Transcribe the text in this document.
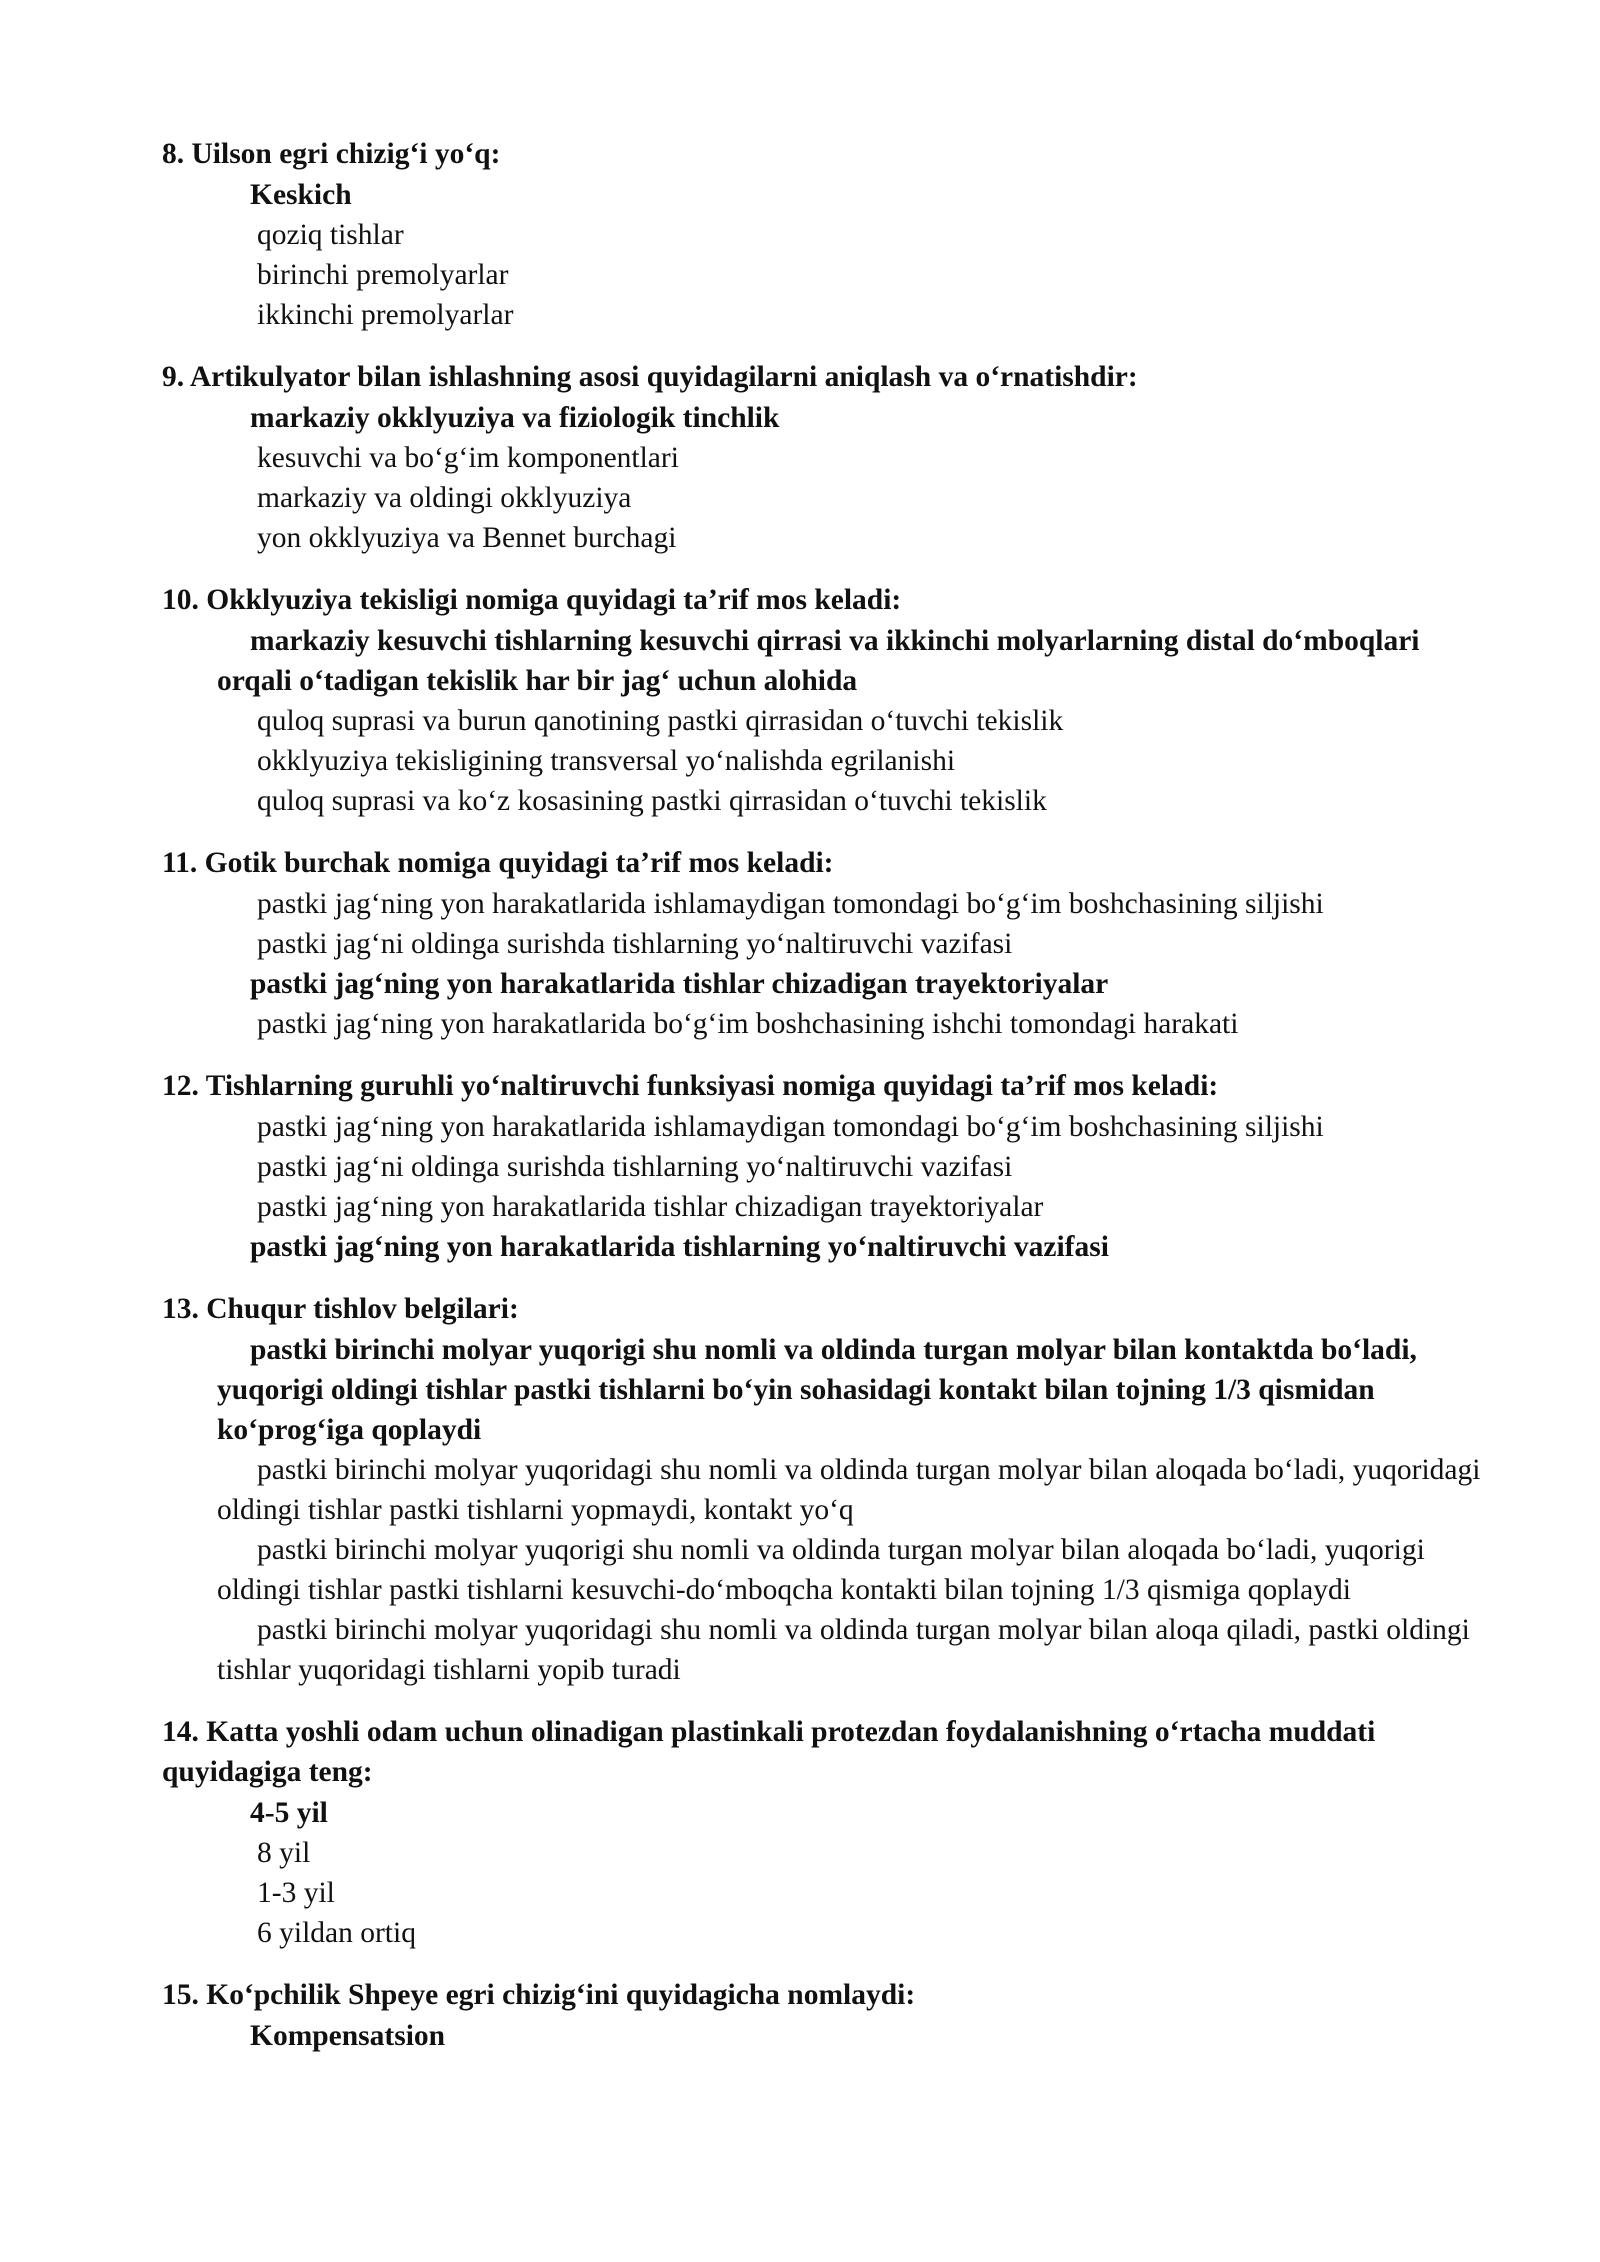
8. Uilson egri chizig‘i yo‘q:

Keskich

qoziq tishlar

birinchi premolyarlar

ikkinchi premolyarlar

9. Artikulyator bilan ishlashning asosi quyidagilarni aniqlash va o‘rnatishdir:

markaziy okklyuziya va fiziologik tinchlik

kesuvchi va bo‘g‘im komponentlari

markaziy va oldingi okklyuziya

yon okklyuziya va Bennet burchagi

10. Okklyuziya tekisligi nomiga quyidagi ta’rif mos keladi:

markaziy kesuvchi tishlarning kesuvchi qirrasi va ikkinchi molyarlarning distal do‘mboqlari orqali o‘tadigan tekislik har bir jag‘ uchun alohida

quloq suprasi va burun qanotining pastki qirrasidan o‘tuvchi tekislik

okklyuziya tekisligining transversal yo‘nalishda egrilanishi

quloq suprasi va ko‘z kosasining pastki qirrasidan o‘tuvchi tekislik

11. Gotik burchak nomiga quyidagi ta’rif mos keladi:

pastki jag‘ning yon harakatlarida ishlamaydigan tomondagi bo‘g‘im boshchasining siljishi

pastki jag‘ni oldinga surishda tishlarning yo‘naltiruvchi vazifasi

pastki jag‘ning yon harakatlarida tishlar chizadigan trayektoriyalar

pastki jag‘ning yon harakatlarida bo‘g‘im boshchasining ishchi tomondagi harakati

12. Tishlarning guruhli yo‘naltiruvchi funksiyasi nomiga quyidagi ta’rif mos keladi:

pastki jag‘ning yon harakatlarida ishlamaydigan tomondagi bo‘g‘im boshchasining siljishi

pastki jag‘ni oldinga surishda tishlarning yo‘naltiruvchi vazifasi

pastki jag‘ning yon harakatlarida tishlar chizadigan trayektoriyalar

pastki jag‘ning yon harakatlarida tishlarning yo‘naltiruvchi vazifasi

13. Chuqur tishlov belgilari:

pastki birinchi molyar yuqorigi shu nomli va oldinda turgan molyar bilan kontaktda bo‘ladi, yuqorigi oldingi tishlar pastki tishlarni bo‘yin sohasidagi kontakt bilan tojning 1/3 qismidan ko‘prog‘iga qoplaydi

pastki birinchi molyar yuqoridagi shu nomli va oldinda turgan molyar bilan aloqada bo‘ladi, yuqoridagi oldingi tishlar pastki tishlarni yopmaydi, kontakt yo‘q

pastki birinchi molyar yuqorigi shu nomli va oldinda turgan molyar bilan aloqada bo‘ladi, yuqorigi oldingi tishlar pastki tishlarni kesuvchi-do‘mboqcha kontakti bilan tojning 1/3 qismiga qoplaydi

pastki birinchi molyar yuqoridagi shu nomli va oldinda turgan molyar bilan aloqa qiladi, pastki oldingi tishlar yuqoridagi tishlarni yopib turadi

14. Katta yoshli odam uchun olinadigan plastinkali protezdan foydalanishning o‘rtacha muddati quyidagiga teng:

4-5 yil

8 yil

1-3 yil

6 yildan ortiq

15. Ko‘pchilik Shpeye egri chizig‘ini quyidagicha nomlaydi:

Kompensatsion
